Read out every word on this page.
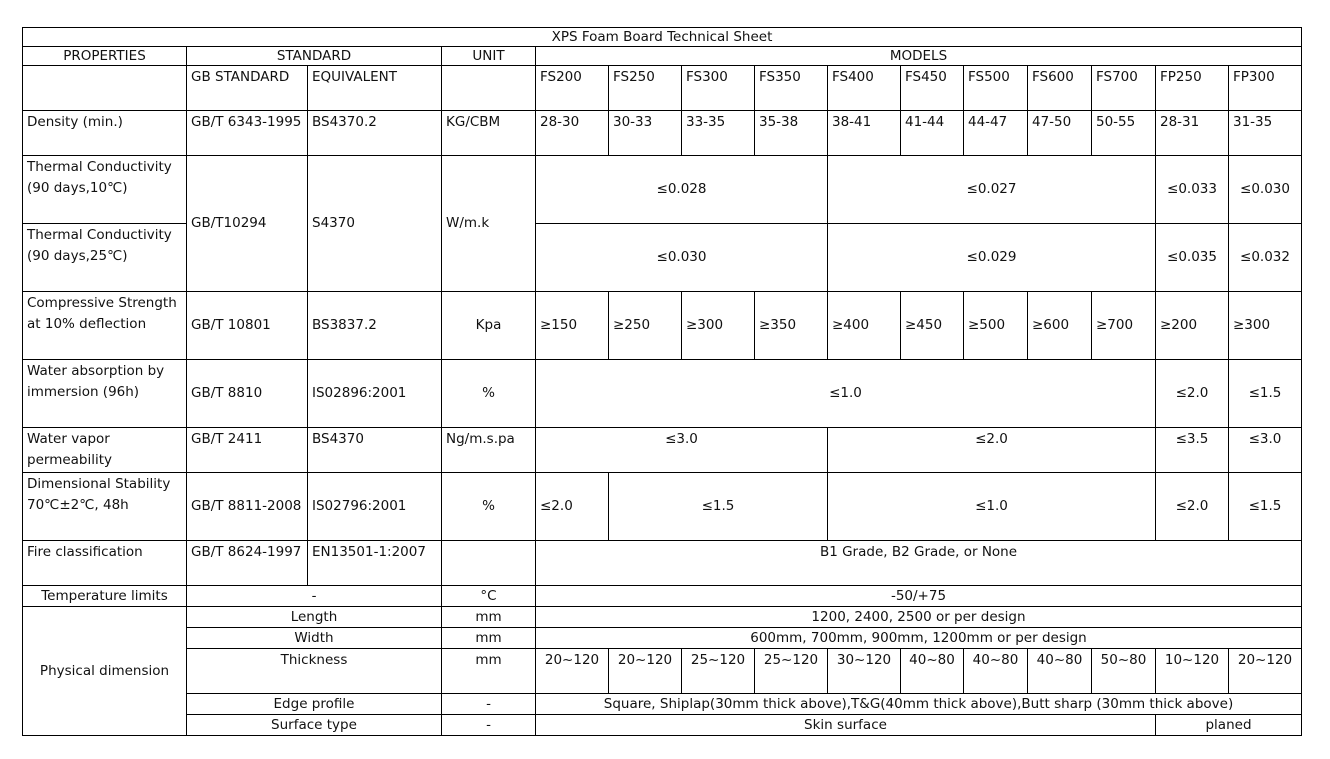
XPS Foam Board Technical Sheet														
PROPERTIES	STANDARD		UNIT	MODELS										
	GB STANDARD	EQUIVALENT		FS200	FS250	FS300	FS350	FS400	FS450	FS500	FS600	FS700	FP250	FP300
Density (min.)	GB/T 6343-1995	BS4370.2	KG/CBM	28-30	30-33	33-35	35-38	38-41	41-44	44-47	47-50	50-55	28-31	31-35
Thermal Conductivity (90 days,10℃)	GB/T10294	S4370	W/m.k	≤0.028				≤0.027					≤0.033	≤0.030
Thermal Conductivity (90 days,25℃)				≤0.030				≤0.029					≤0.035	≤0.032
Compressive Strength at 10% deflection	GB/T 10801	BS3837.2	Kpa	≥150	≥250	≥300	≥350	≥400	≥450	≥500	≥600	≥700	≥200	≥300
Water absorption by immersion (96h)	GB/T 8810	IS02896:2001	%	≤1.0									≤2.0	≤1.5
Water vapor permeability	GB/T 2411	BS4370	Ng/m.s.pa	≤3.0				≤2.0					≤3.5	≤3.0
Dimensional Stability 70℃±2℃, 48h	GB/T 8811-2008	IS02796:2001	%	≤2.0	≤1.5			≤1.0					≤2.0	≤1.5
Fire classification	GB/T 8624-1997	EN13501-1:2007		B1 Grade, B2 Grade, or None										
Temperature limits	-		°C	-50/+75										
Physical dimension	Length		mm	1200, 2400, 2500 or per design										
	Width		mm	600mm, 700mm, 900mm, 1200mm or per design										
	Thickness		mm	20~120	20~120	25~120	25~120	30~120	40~80	40~80	40~80	50~80	10~120	20~120
	Edge profile		-	Square, Shiplap(30mm thick above),T&G(40mm thick above),Butt sharp (30mm thick above)										
	Surface type		-	Skin surface									planed	
